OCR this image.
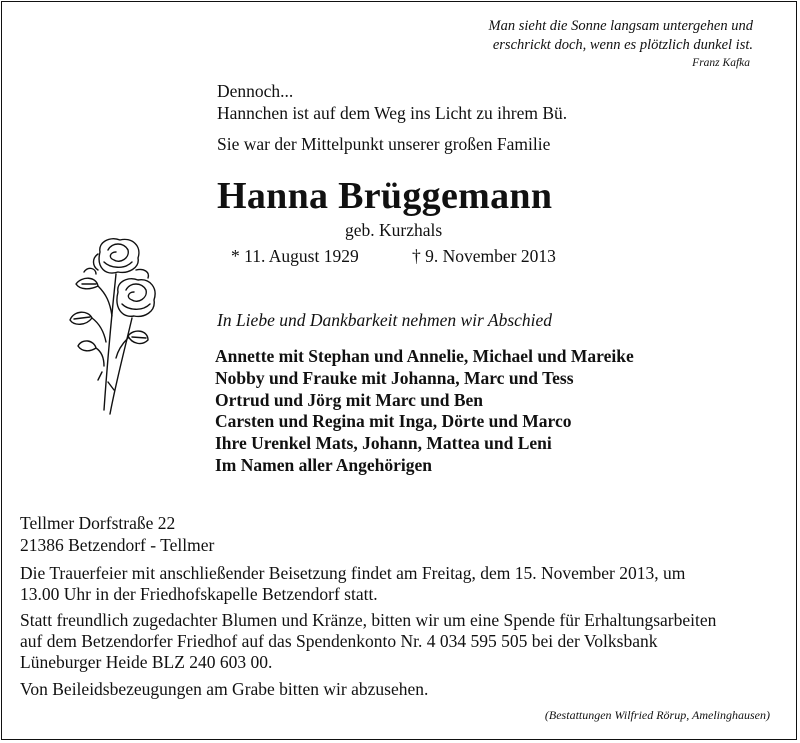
Man sieht die Sonne langsam untergehen und
erschrickt doch, wenn es plötzlich dunkel ist.
Franz Kafka
Dennoch...
Hannchen ist auf dem Weg ins Licht zu ihrem Bü.
Sie war der Mittelpunkt unserer großen Familie
Hanna Brüggemann
geb. Kurzhals
* 11. August 1929	† 9. November 2013
In Liebe und Dankbarkeit nehmen wir Abschied
Annette mit Stephan und Annelie, Michael und Mareike
Nobby und Frauke mit Johanna, Marc und Tess
Ortrud und Jörg mit Marc und Ben
Carsten und Regina mit Inga, Dörte und Marco
Ihre Urenkel Mats, Johann, Mattea und Leni
Im Namen aller Angehörigen
Tellmer Dorfstraße 22
21386 Betzendorf - Tellmer
Die Trauerfeier mit anschließender Beisetzung findet am Freitag, dem 15. November 2013, um
13.00 Uhr in der Friedhofskapelle Betzendorf statt.
Statt freundlich zugedachter Blumen und Kränze, bitten wir um eine Spende für Erhaltungsarbeiten
auf dem Betzendorfer Friedhof auf das Spendenkonto Nr. 4 034 595 505 bei der Volksbank
Lüneburger Heide BLZ 240 603 00.
Von Beileidsbezeugungen am Grabe bitten wir abzusehen.
(Bestattungen Wilfried Rörup, Amelinghausen)
